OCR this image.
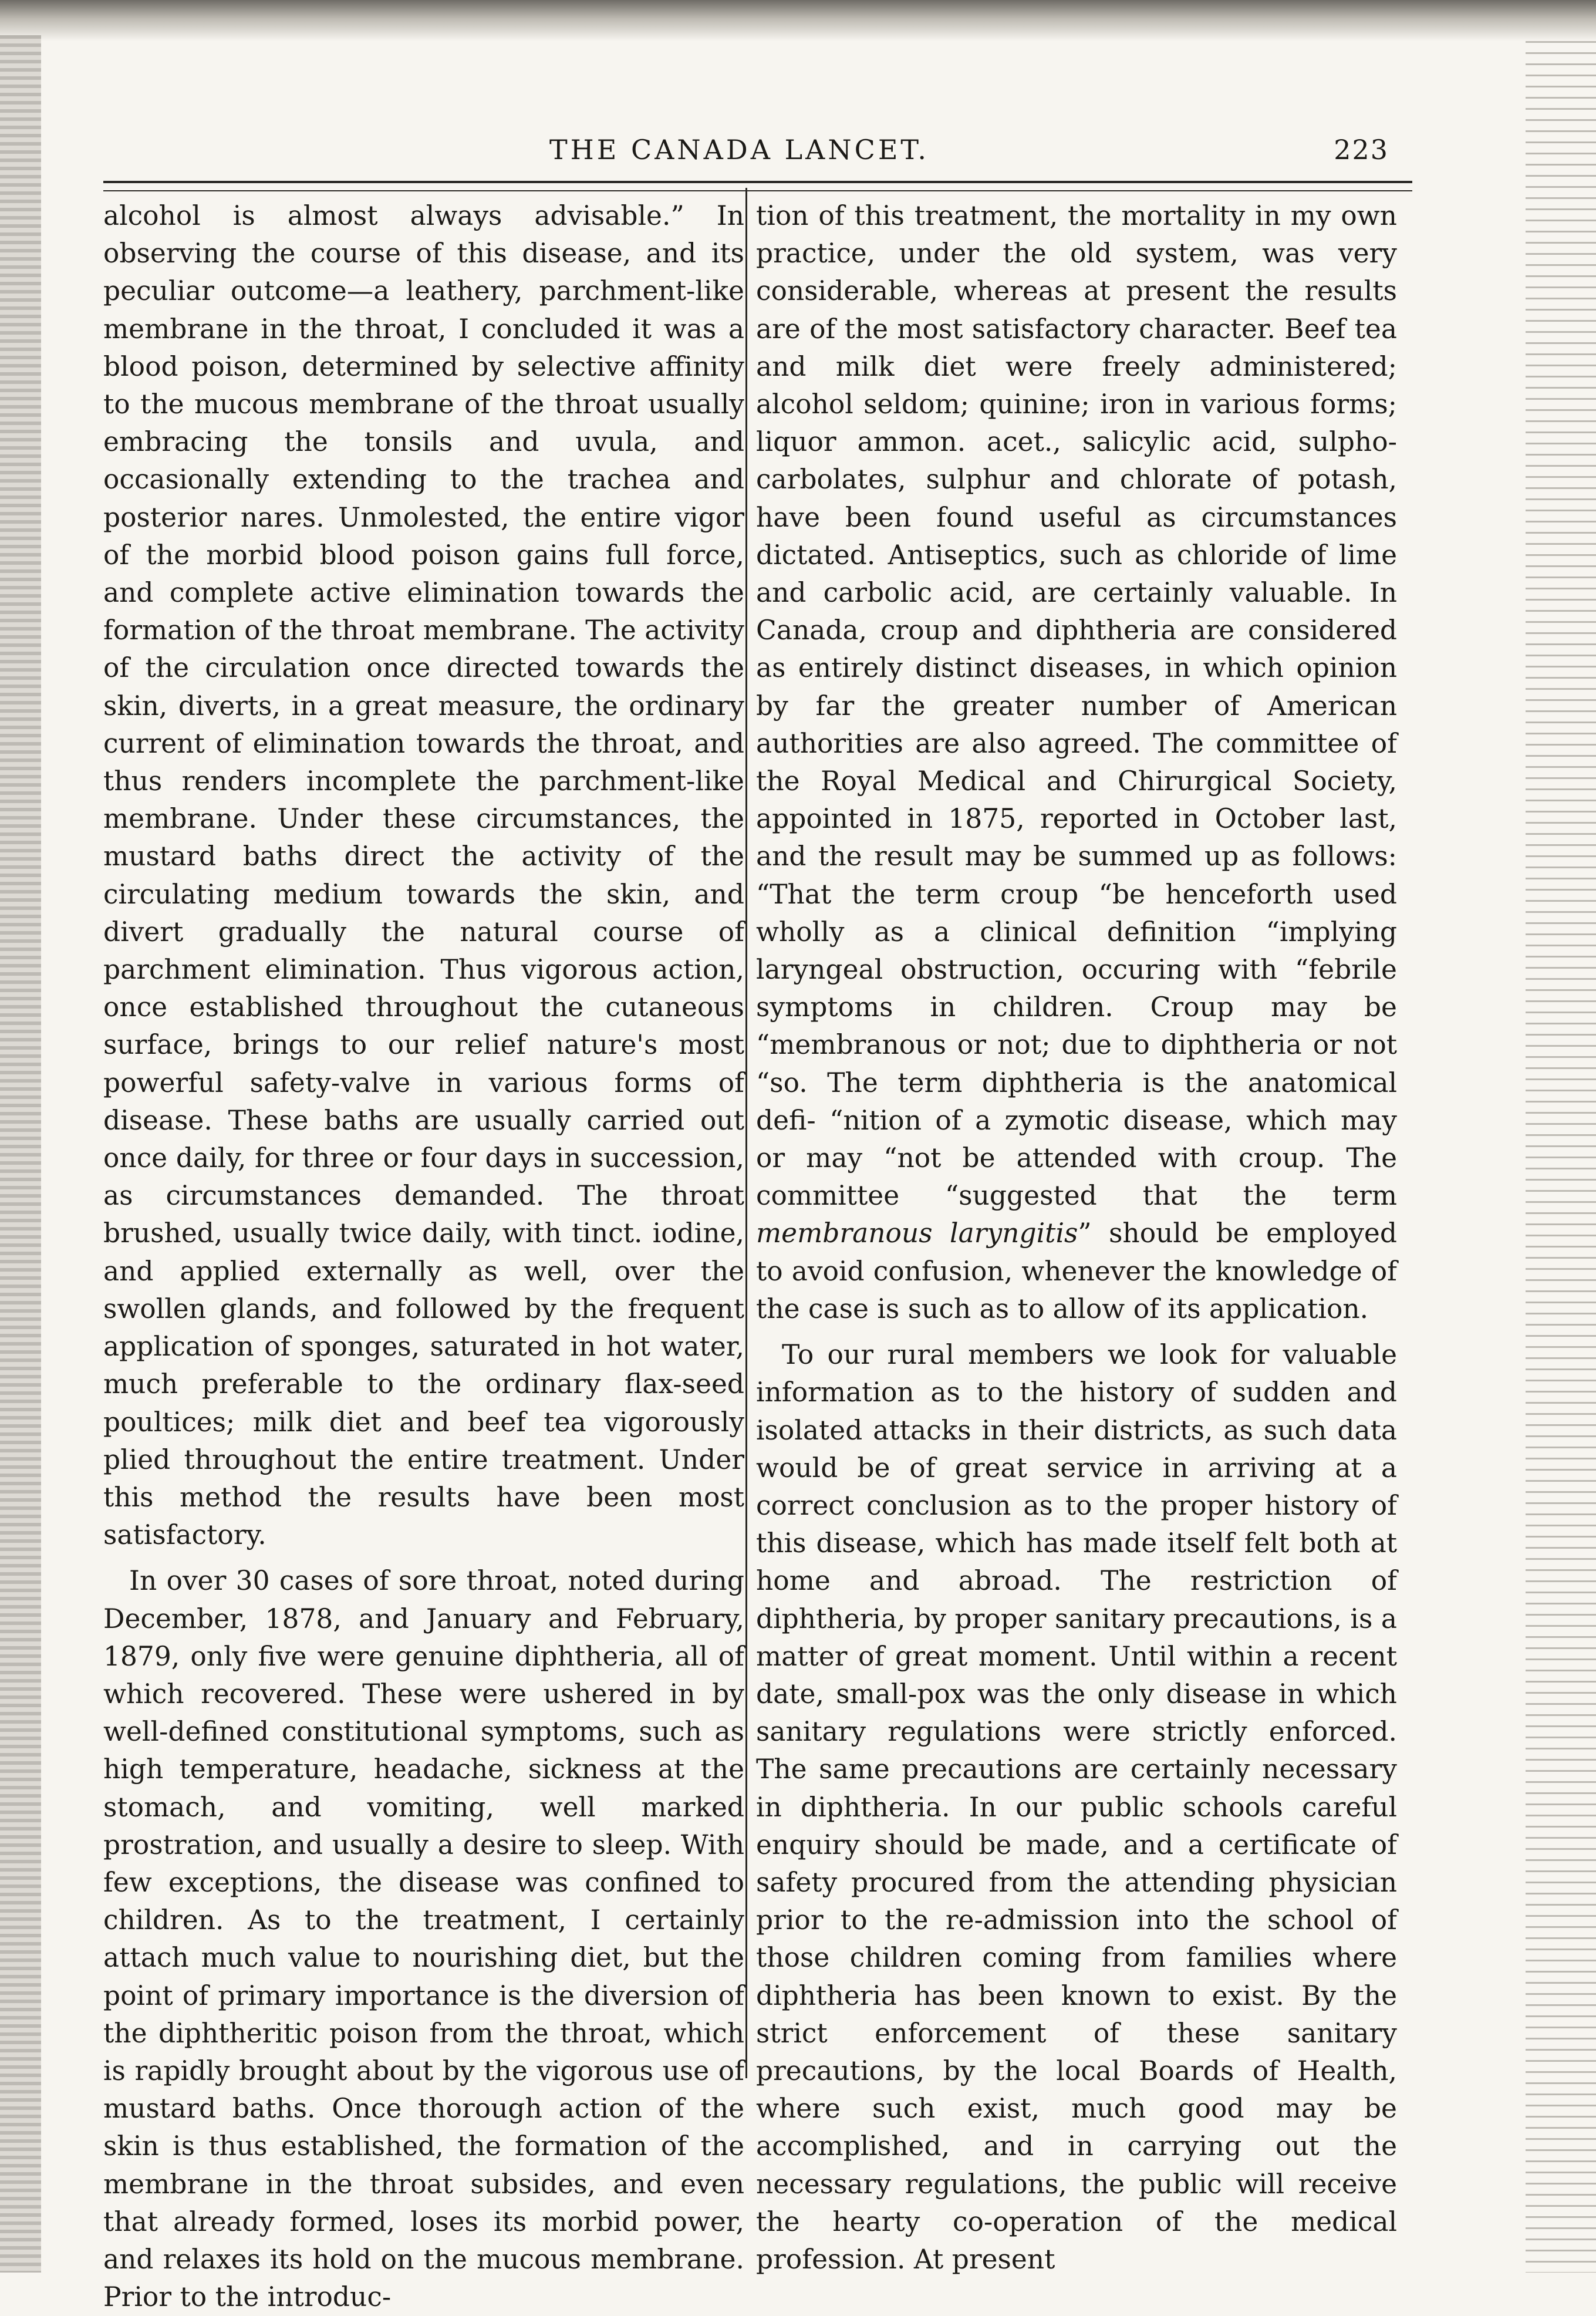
THE CANADA LANCET.	223

alcohol is almost always advisable.” In observing the course of this disease, and its peculiar outcome—a leathery, parchment-like membrane in the throat, I concluded it was a blood poison, determined by selective affinity to the mucous membrane of the throat usually embracing the tonsils and uvula, and occasionally extending to the trachea and posterior nares. Unmolested, the entire vigor of the morbid blood poison gains full force, and complete active elimination towards the formation of the throat membrane. The activity of the circulation once directed towards the skin, diverts, in a great measure, the ordinary current of elimination towards the throat, and thus renders incomplete the parchment-like membrane. Under these circumstances, the mustard baths direct the activity of the circulating medium towards the skin, and divert gradually the natural course of parchment elimination. Thus vigorous action, once established throughout the cutaneous surface, brings to our relief nature's most powerful safety-valve in various forms of disease. These baths are usually carried out once daily, for three or four days in succession, as circumstances demanded. The throat brushed, usually twice daily, with tinct. iodine, and applied externally as well, over the swollen glands, and followed by the frequent application of sponges, saturated in hot water, much preferable to the ordinary flax-seed poultices; milk diet and beef tea vigorously plied throughout the entire treatment. Under this method the results have been most satisfactory.

In over 30 cases of sore throat, noted during December, 1878, and January and February, 1879, only five were genuine diphtheria, all of which recovered. These were ushered in by well-defined constitutional symptoms, such as high temperature, headache, sickness at the stomach, and vomiting, well marked prostration, and usually a desire to sleep. With few exceptions, the disease was confined to children. As to the treatment, I certainly attach much value to nourishing diet, but the point of primary importance is the diversion of the diphtheritic poison from the throat, which is rapidly brought about by the vigorous use of mustard baths. Once thorough action of the skin is thus established, the formation of the membrane in the throat subsides, and even that already formed, loses its morbid power, and relaxes its hold on the mucous membrane. Prior to the introduc-

tion of this treatment, the mortality in my own practice, under the old system, was very considerable, whereas at present the results are of the most satisfactory character. Beef tea and milk diet were freely administered; alcohol seldom; quinine; iron in various forms; liquor ammon. acet., salicylic acid, sulpho-carbolates, sulphur and chlorate of potash, have been found useful as circumstances dictated. Antiseptics, such as chloride of lime and carbolic acid, are certainly valuable. In Canada, croup and diphtheria are considered as entirely distinct diseases, in which opinion by far the greater number of American authorities are also agreed. The committee of the Royal Medical and Chirurgical Society, appointed in 1875, reported in October last, and the result may be summed up as follows: “That the term croup “be henceforth used wholly as a clinical definition “implying laryngeal obstruction, occuring with “febrile symptoms in children. Croup may be “membranous or not; due to diphtheria or not “so. The term diphtheria is the anatomical defi- “nition of a zymotic disease, which may or may “not be attended with croup. The committee “suggested that the term membranous laryngitis” should be employed to avoid confusion, whenever the knowledge of the case is such as to allow of its application.

To our rural members we look for valuable information as to the history of sudden and isolated attacks in their districts, as such data would be of great service in arriving at a correct conclusion as to the proper history of this disease, which has made itself felt both at home and abroad. The restriction of diphtheria, by proper sanitary precautions, is a matter of great moment. Until within a recent date, small-pox was the only disease in which sanitary regulations were strictly enforced. The same precautions are certainly necessary in diphtheria. In our public schools careful enquiry should be made, and a certificate of safety procured from the attending physician prior to the re-admission into the school of those children coming from families where diphtheria has been known to exist. By the strict enforcement of these sanitary precautions, by the local Boards of Health, where such exist, much good may be accomplished, and in carrying out the necessary regulations, the public will receive the hearty co-operation of the medical profession. At present
